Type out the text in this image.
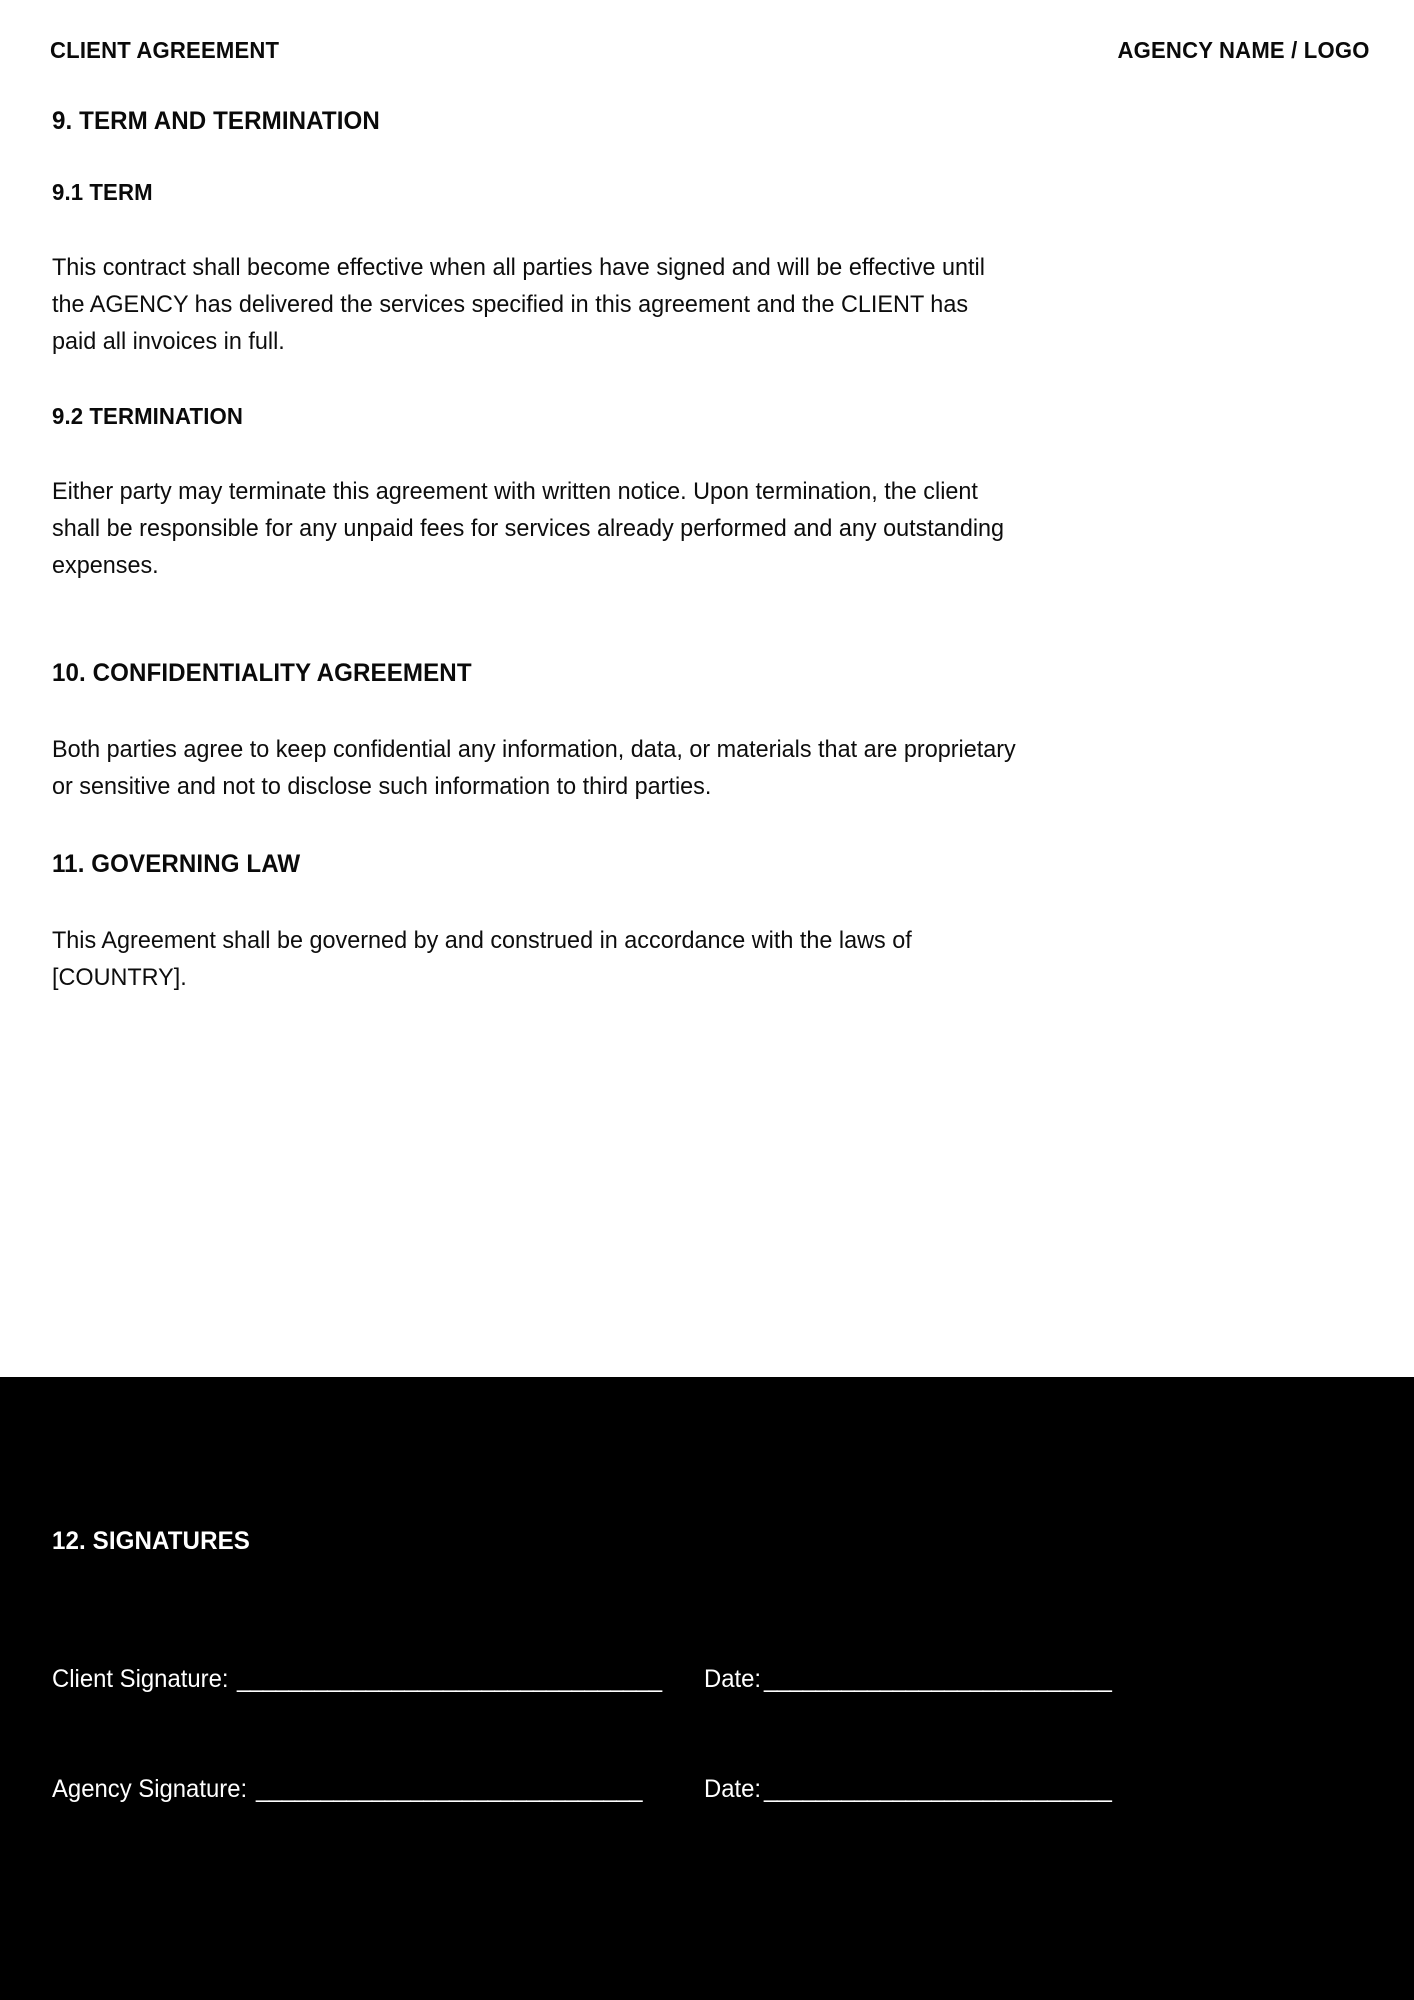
CLIENT AGREEMENT	AGENCY NAME / LOGO
9. TERM AND TERMINATION
9.1 TERM

This contract shall become effective when all parties have signed and will be effective until the AGENCY has delivered the services specified in this agreement and the CLIENT has paid all invoices in full.

9.2 TERMINATION

Either party may terminate this agreement with written notice. Upon termination, the client shall be responsible for any unpaid fees for services already performed and any outstanding expenses.

10. CONFIDENTIALITY AGREEMENT

Both parties agree to keep confidential any information, data, or materials that are proprietary or sensitive and not to disclose such information to third parties.

11. GOVERNING LAW

This Agreement shall be governed by and construed in accordance with the laws of [COUNTRY].

12. SIGNATURES
Client Signature: _________________________________ Date: ___________________________
Agency Signature: ______________________________ Date: ___________________________
